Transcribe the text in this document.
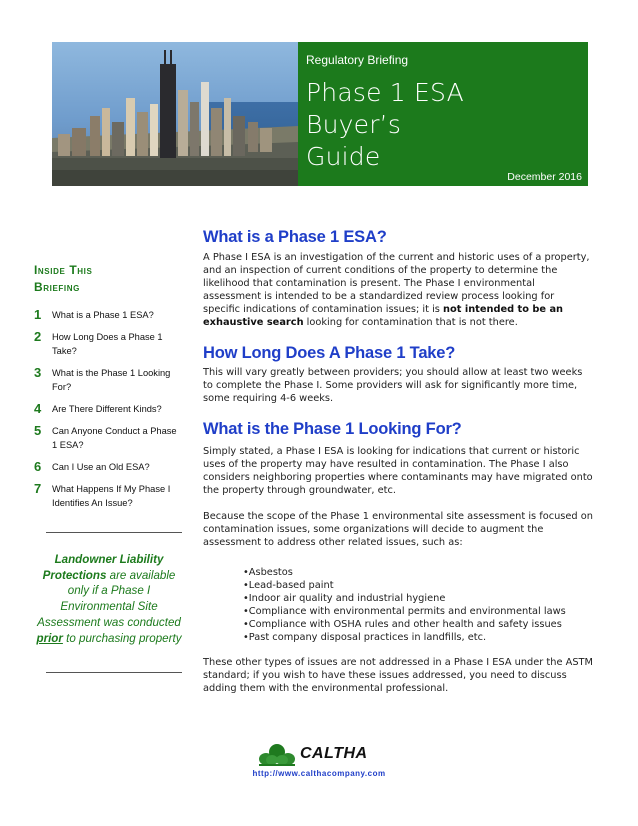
Regulatory Briefing
Phase 1 ESA
Buyer’s
Guide
December 2016
Inside This
Briefing
1	What is a Phase 1 ESA?
2	How Long Does a Phase 1 Take?
3	What is the Phase 1 Looking For?
4	Are There Different Kinds?
5	Can Anyone Conduct a Phase 1 ESA?
6	Can I Use an Old ESA?
7	What Happens If My Phase I Identifies An Issue?
Landowner Liability Protections are available only if a Phase I Environmental Site Assessment was conducted prior to purchasing property
What is a Phase 1 ESA?
A Phase I ESA is an investigation of the current and historic uses of a property, and an inspection of current conditions of the property to determine the likelihood that contamination is present. The Phase I environmental assessment is intended to be a standardized review process looking for specific indications of contamination issues; it is not intended to be an exhaustive search looking for contamination that is not there.
How Long Does A Phase 1 Take?
This will vary greatly between providers; you should allow at least two weeks to complete the Phase I. Some providers will ask for significantly more time, some requiring 4-6 weeks.
What is the Phase 1 Looking For?
Simply stated, a Phase I ESA is looking for indications that current or historic uses of the property may have resulted in contamination. The Phase I also considers neighboring properties where contaminants may have migrated onto the property through groundwater, etc.
Because the scope of the Phase 1 environmental site assessment is focused on contamination issues, some organizations will decide to augment the assessment to address other related issues, such as:
•Asbestos
•Lead-based paint
•Indoor air quality and industrial hygiene
•Compliance with environmental permits and environmental laws
•Compliance with OSHA rules and other health and safety issues
•Past company disposal practices in landfills, etc.
These other types of issues are not addressed in a Phase I ESA under the ASTM standard; if you wish to have these issues addressed, you need to discuss adding them with the environmental professional.
CALTHA
http://www.calthacompany.com
